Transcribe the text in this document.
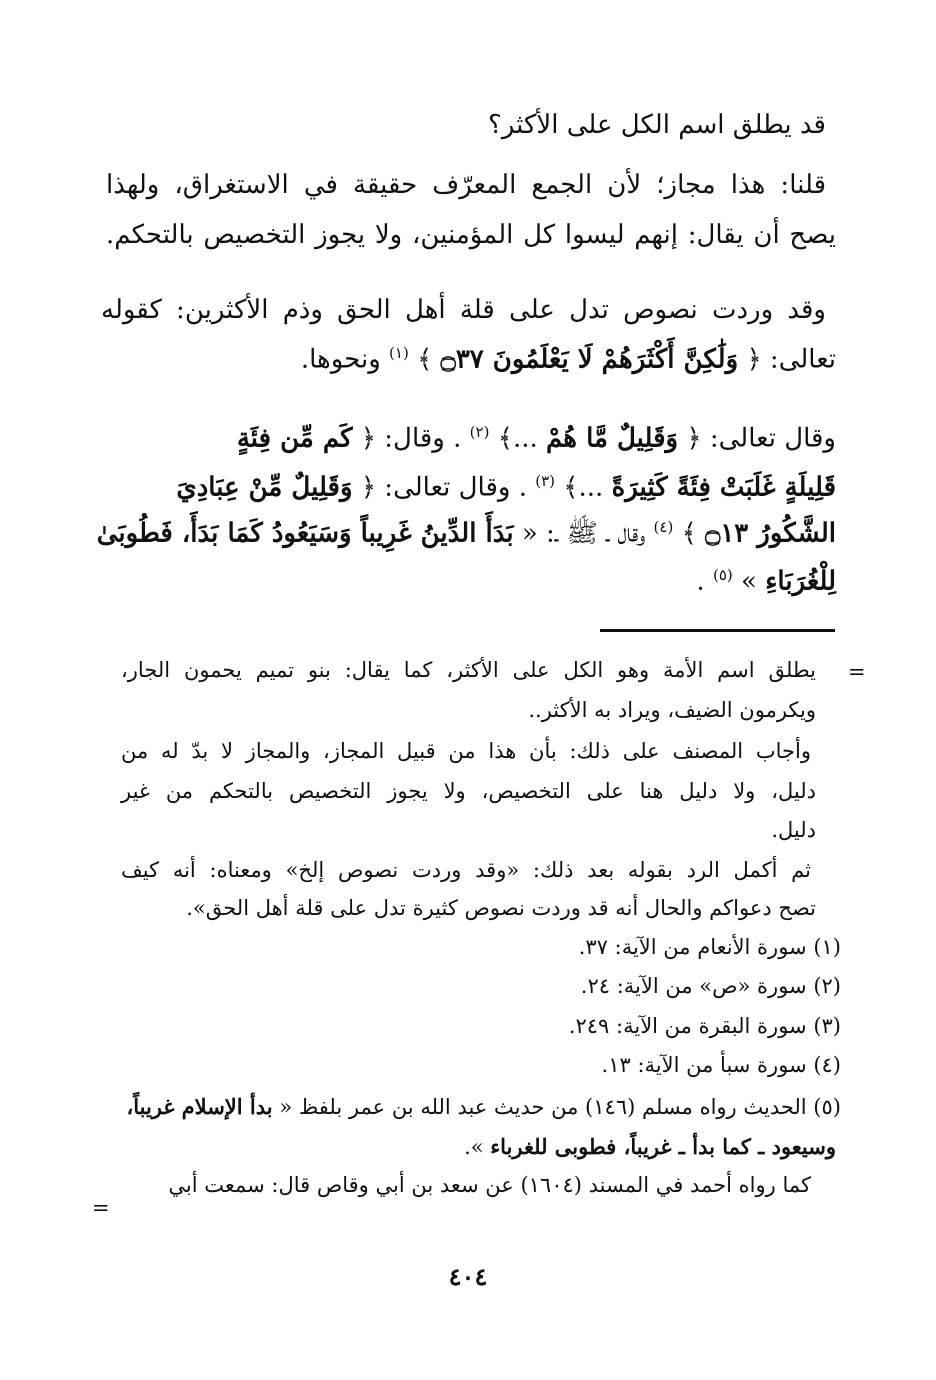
قد يطلق اسم الكل على الأكثر؟
قلنا: هذا مجاز؛ لأن الجمع المعرّف حقيقة في الاستغراق، ولهذا
يصح أن يقال: إنهم ليسوا كل المؤمنين، ولا يجوز التخصيص بالتحكم.
وقد وردت نصوص تدل على قلة أهل الحق وذم الأكثرين: كقوله
تعالى: ﴿ وَلَٰكِنَّ أَكْثَرَهُمْ لَا يَعْلَمُونَ ۝٣٧ ﴾ $^{(١)}$ ونحوها.
وقال تعالى: ﴿ وَقَلِيلٌ مَّا هُمْ ...﴾ $^{(٢)}$ . وقال: ﴿ كَم مِّن فِئَةٍ
قَلِيلَةٍ غَلَبَتْ فِئَةً كَثِيرَةً ...﴾ $^{(٣)}$ . وقال تعالى: ﴿ وَقَلِيلٌ مِّنْ عِبَادِيَ
الشَّكُورُ ۝١٣ ﴾ $^{(٤)}$ وقال ـ ﷺ ـ: « بَدَأَ الدِّينُ غَرِيباً وَسَيَعُودُ كَمَا بَدَأَ، فَطُوبَىٰ
لِلْغُرَبَاءِ » $^{(٥)}$ .
=
يطلق اسم الأمة وهو الكل على الأكثر، كما يقال: بنو تميم يحمون الجار،
ويكرمون الضيف، ويراد به الأكثر..
وأجاب المصنف على ذلك: بأن هذا من قبيل المجاز، والمجاز لا بدّ له من
دليل، ولا دليل هنا على التخصيص، ولا يجوز التخصيص بالتحكم من غير
دليل.
ثم أكمل الرد بقوله بعد ذلك: «وقد وردت نصوص إلخ» ومعناه: أنه كيف
تصح دعواكم والحال أنه قد وردت نصوص كثيرة تدل على قلة أهل الحق».
(١) سورة الأنعام من الآية: ٣٧.
(٢) سورة «ص» من الآية: ٢٤.
(٣) سورة البقرة من الآية: ٢٤٩.
(٤) سورة سبأ من الآية: ١٣.
(٥) الحديث رواه مسلم (١٤٦) من حديث عبد الله بن عمر بلفظ « بدأ الإسلام غريباً،
وسيعود ـ كما بدأ ـ غريباً، فطوبى للغرباء ».
كما رواه أحمد في المسند (١٦٠٤) عن سعد بن أبي وقاص قال: سمعت أبي
=
٤٠٤
